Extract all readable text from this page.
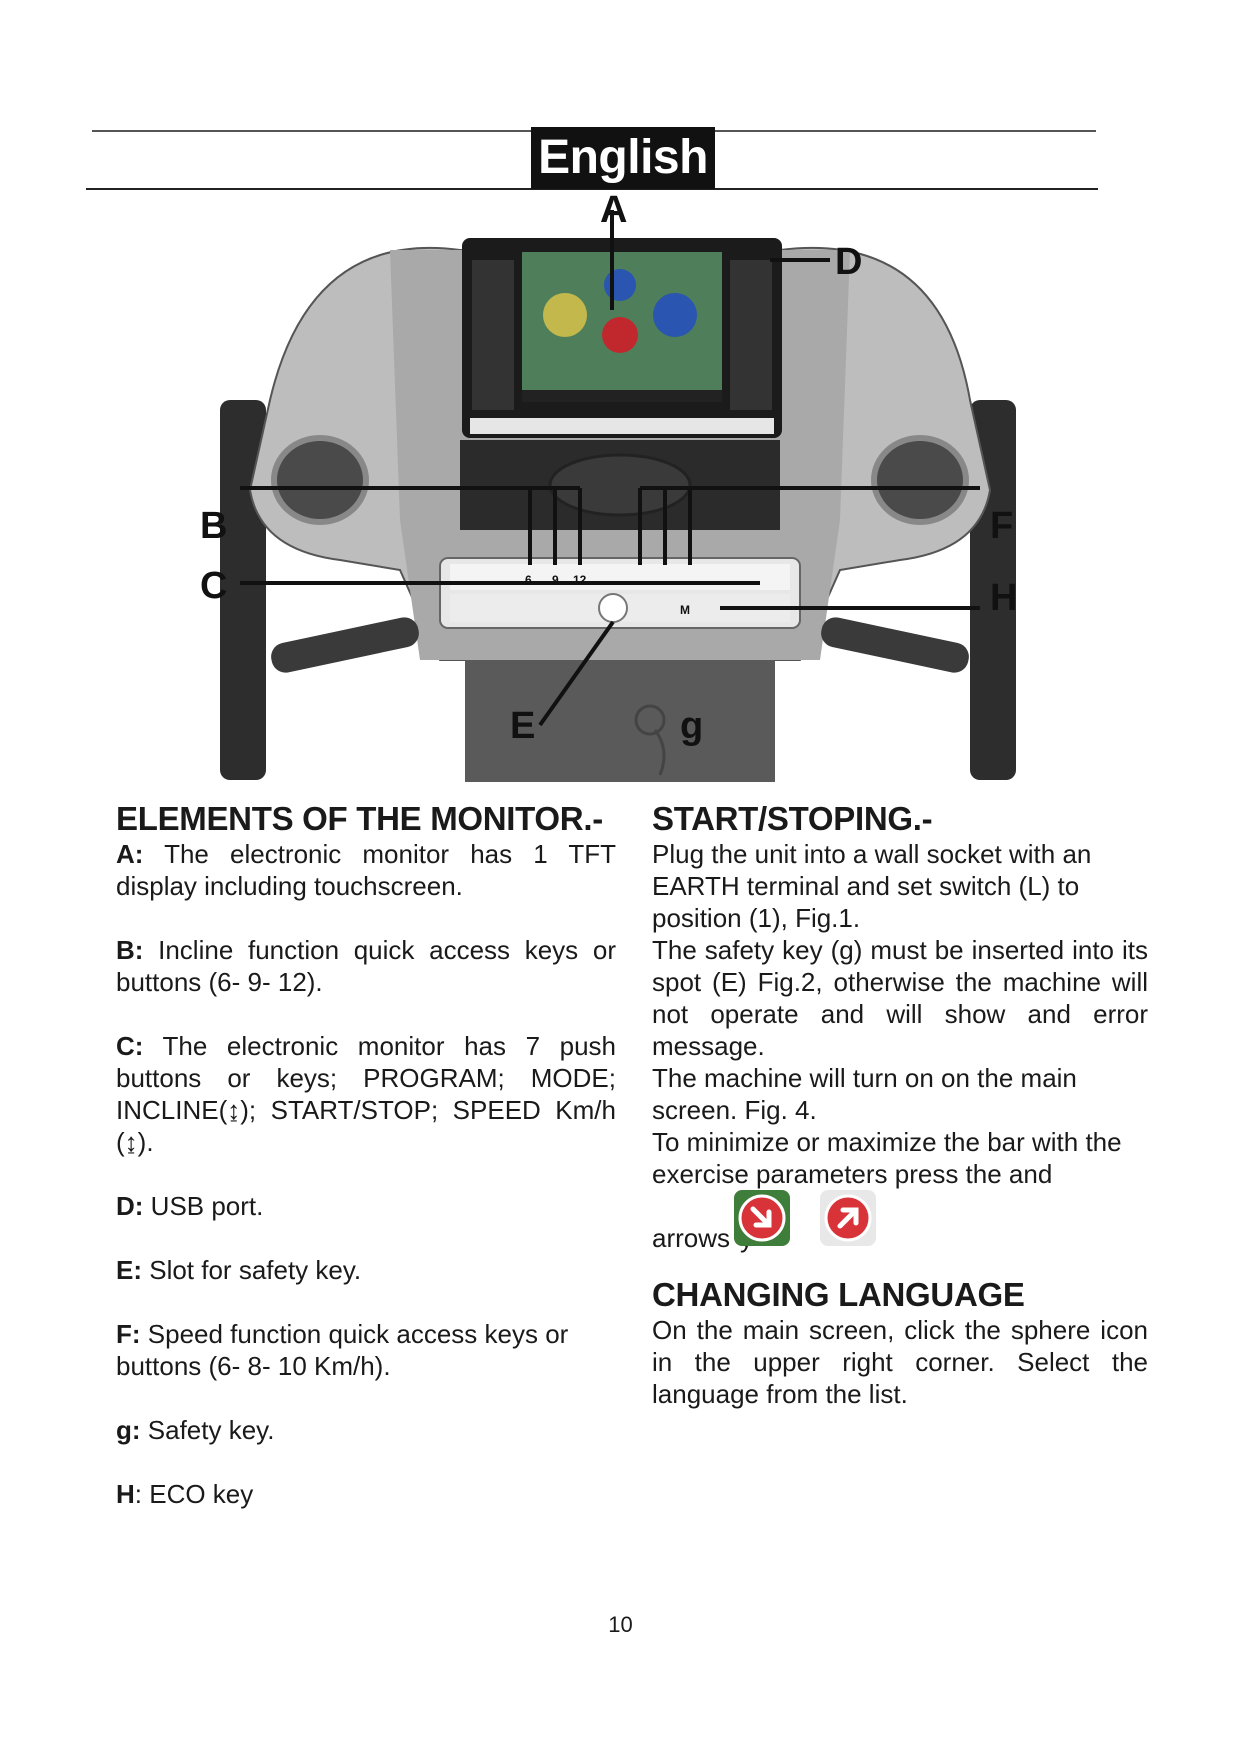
English
A
D
B
C
F
H
E	g
6 9 12
M
ELEMENTS OF THE MONITOR.-

A: The electronic monitor has 1 TFT display including touchscreen.

B: Incline function quick access keys or buttons (6- 9- 12).

C: The electronic monitor has 7 push buttons or keys; PROGRAM; MODE; INCLINE(↨); START/STOP; SPEED Km/h (↨).

D: USB port.

E: Slot for safety key.

F: Speed function quick access keys or buttons (6- 8- 10 Km/h).

g: Safety key.

H: ECO key

START/STOPING.-

Plug the unit into a wall socket with an EARTH terminal and set switch (L) to position (1), Fig.1.

The safety key (g) must be inserted into its spot (E) Fig.2, otherwise the machine will not operate and will show and error message.

The machine will turn on on the main screen. Fig. 4.

To minimize or maximize the bar with the exercise parameters press the and

arrows
CHANGING LANGUAGE

On the main screen, click the sphere icon in the upper right corner. Select the language from the list.

10
